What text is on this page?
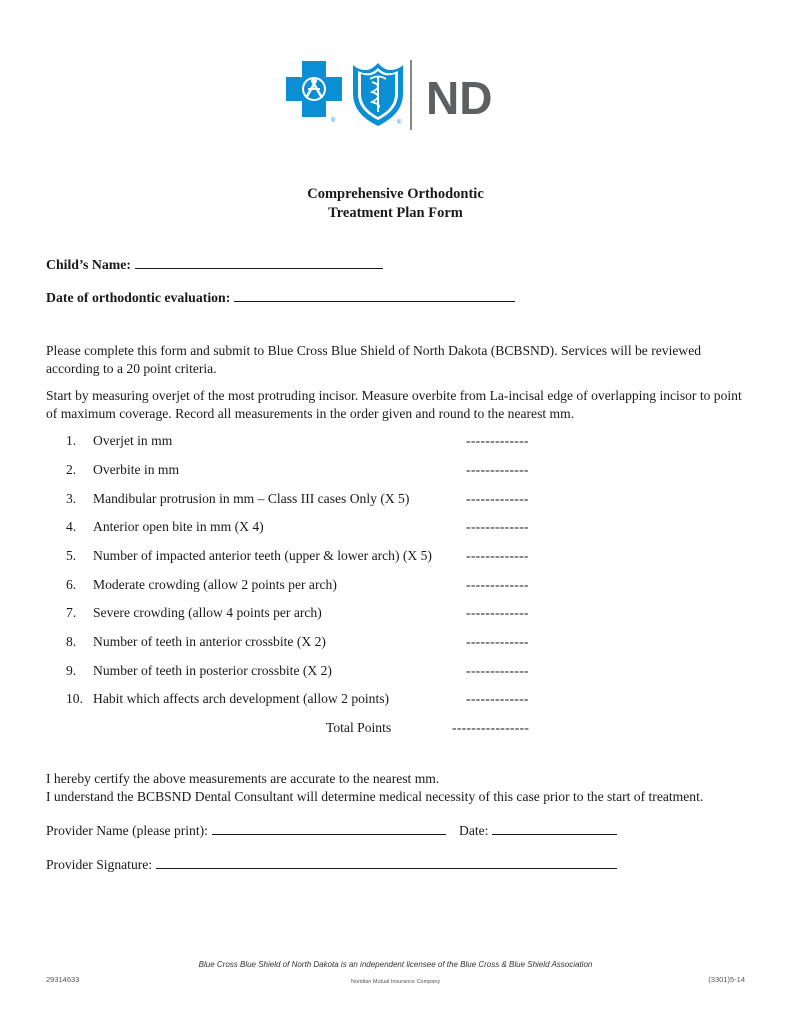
®	® ND
Comprehensive Orthodontic
Treatment Plan Form
Child’s Name:
Date of orthodontic evaluation:
Please complete this form and submit to Blue Cross Blue Shield of North Dakota (BCBSND). Services will be reviewed according to a 20 point criteria.
Start by measuring overjet of the most protruding incisor. Measure overbite from La-incisal edge of overlapping incisor to point of maximum coverage. Record all measurements in the order given and round to the nearest mm.
1. Overjet in mm	-------------
2. Overbite in mm	-------------
3. Mandibular protrusion in mm – Class III cases Only (X 5)	-------------
4. Anterior open bite in mm (X 4)	-------------
5. Number of impacted anterior teeth (upper & lower arch) (X 5)	-------------
6. Moderate crowding (allow 2 points per arch)	-------------
7. Severe crowding (allow 4 points per arch)	-------------
8. Number of teeth in anterior crossbite (X 2)	-------------
9. Number of teeth in posterior crossbite (X 2)	-------------
10. Habit which affects arch development (allow 2 points)	-------------
Total Points	----------------
I hereby certify the above measurements are accurate to the nearest mm.
I understand the BCBSND Dental Consultant will determine medical necessity of this case prior to the start of treatment.
Provider Name (please print):	Date:
Provider Signature:
Blue Cross Blue Shield of North Dakota is an independent licensee of the Blue Cross & Blue Shield Association
29314633	Noridian Mutual Insurance Company	(3301)5-14
